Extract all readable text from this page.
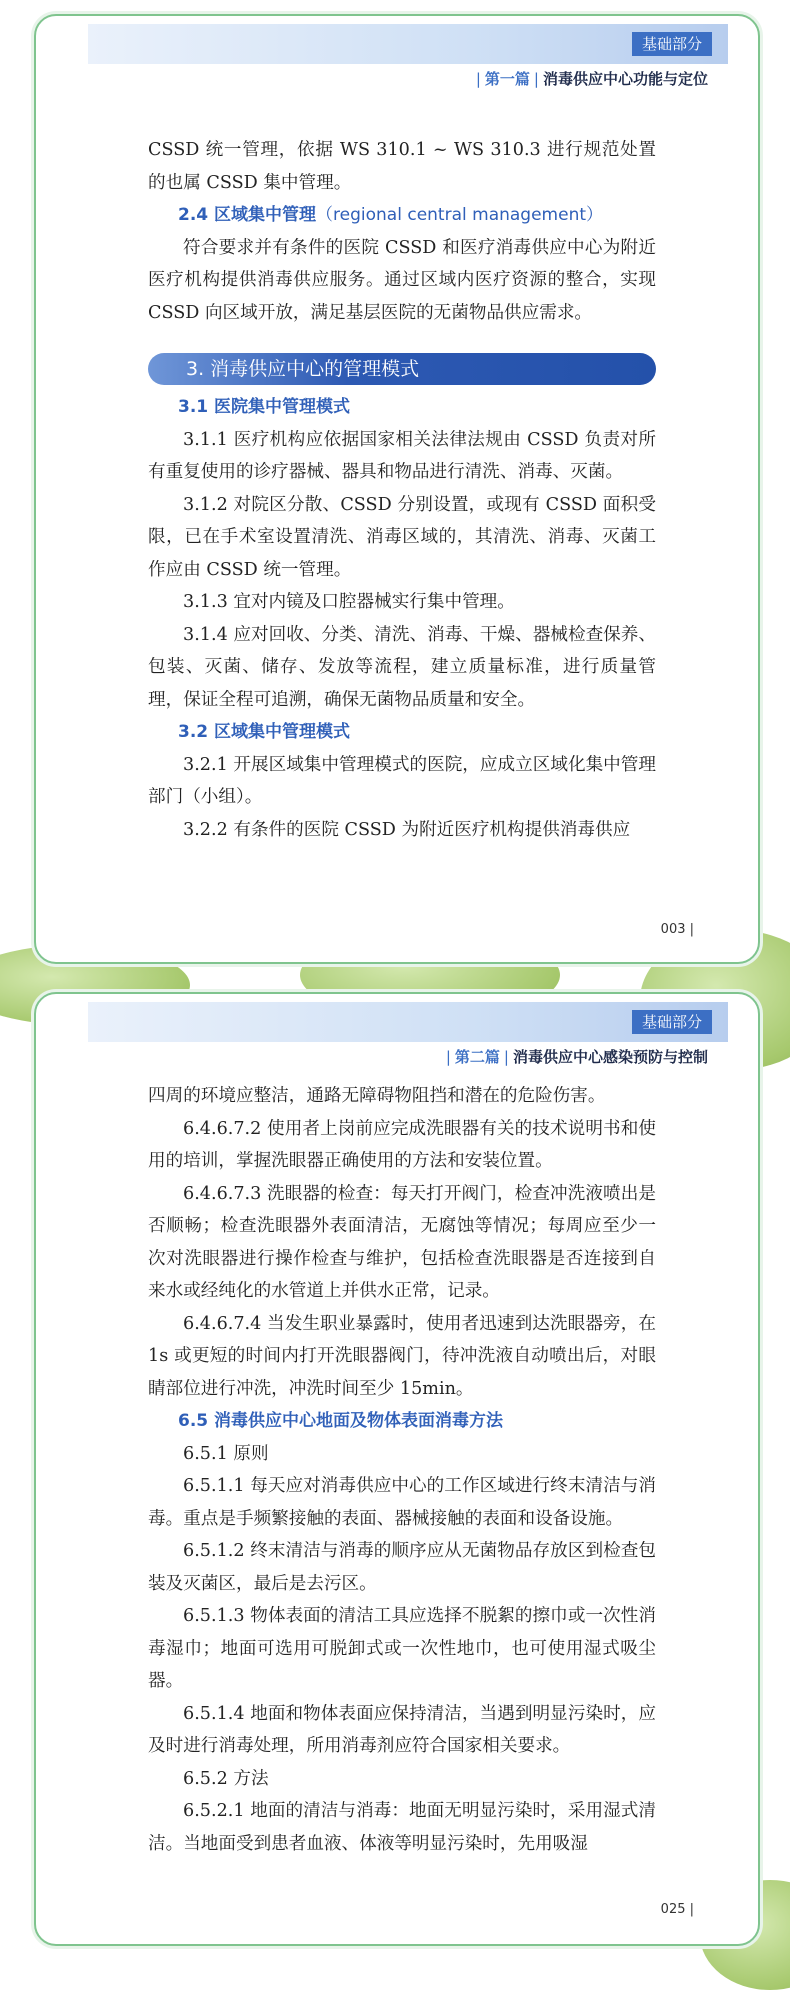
基础部分
| 第一篇 | 消毒供应中心功能与定位

CSSD 统一管理，依据 WS 310.1 ~ WS 310.3 进行规范处置的也属 CSSD 集中管理。

2.4 区域集中管理（regional central management）

符合要求并有条件的医院 CSSD 和医疗消毒供应中心为附近医疗机构提供消毒供应服务。通过区域内医疗资源的整合，实现 CSSD 向区域开放，满足基层医院的无菌物品供应需求。

3. 消毒供应中心的管理模式

3.1 医院集中管理模式

3.1.1 医疗机构应依据国家相关法律法规由 CSSD 负责对所有重复使用的诊疗器械、器具和物品进行清洗、消毒、灭菌。

3.1.2 对院区分散、CSSD 分别设置，或现有 CSSD 面积受限，已在手术室设置清洗、消毒区域的，其清洗、消毒、灭菌工作应由 CSSD 统一管理。

3.1.3 宜对内镜及口腔器械实行集中管理。

3.1.4 应对回收、分类、清洗、消毒、干燥、器械检查保养、包装、灭菌、储存、发放等流程，建立质量标准，进行质量管理，保证全程可追溯，确保无菌物品质量和安全。

3.2 区域集中管理模式

3.2.1 开展区域集中管理模式的医院，应成立区域化集中管理部门（小组）。

3.2.2 有条件的医院 CSSD 为附近医疗机构提供消毒供应

003 |
基础部分
| 第二篇 | 消毒供应中心感染预防与控制

四周的环境应整洁，通路无障碍物阻挡和潜在的危险伤害。

6.4.6.7.2 使用者上岗前应完成洗眼器有关的技术说明书和使用的培训，掌握洗眼器正确使用的方法和安装位置。

6.4.6.7.3 洗眼器的检查：每天打开阀门，检查冲洗液喷出是否顺畅；检查洗眼器外表面清洁，无腐蚀等情况；每周应至少一次对洗眼器进行操作检查与维护，包括检查洗眼器是否连接到自来水或经纯化的水管道上并供水正常，记录。

6.4.6.7.4 当发生职业暴露时，使用者迅速到达洗眼器旁，在 1s 或更短的时间内打开洗眼器阀门，待冲洗液自动喷出后，对眼睛部位进行冲洗，冲洗时间至少 15min。

6.5 消毒供应中心地面及物体表面消毒方法

6.5.1 原则

6.5.1.1 每天应对消毒供应中心的工作区域进行终末清洁与消毒。重点是手频繁接触的表面、器械接触的表面和设备设施。

6.5.1.2 终末清洁与消毒的顺序应从无菌物品存放区到检查包装及灭菌区，最后是去污区。

6.5.1.3 物体表面的清洁工具应选择不脱絮的擦巾或一次性消毒湿巾；地面可选用可脱卸式或一次性地巾，也可使用湿式吸尘器。

6.5.1.4 地面和物体表面应保持清洁，当遇到明显污染时，应及时进行消毒处理，所用消毒剂应符合国家相关要求。

6.5.2 方法

6.5.2.1 地面的清洁与消毒：地面无明显污染时，采用湿式清洁。当地面受到患者血液、体液等明显污染时，先用吸湿

025 |
